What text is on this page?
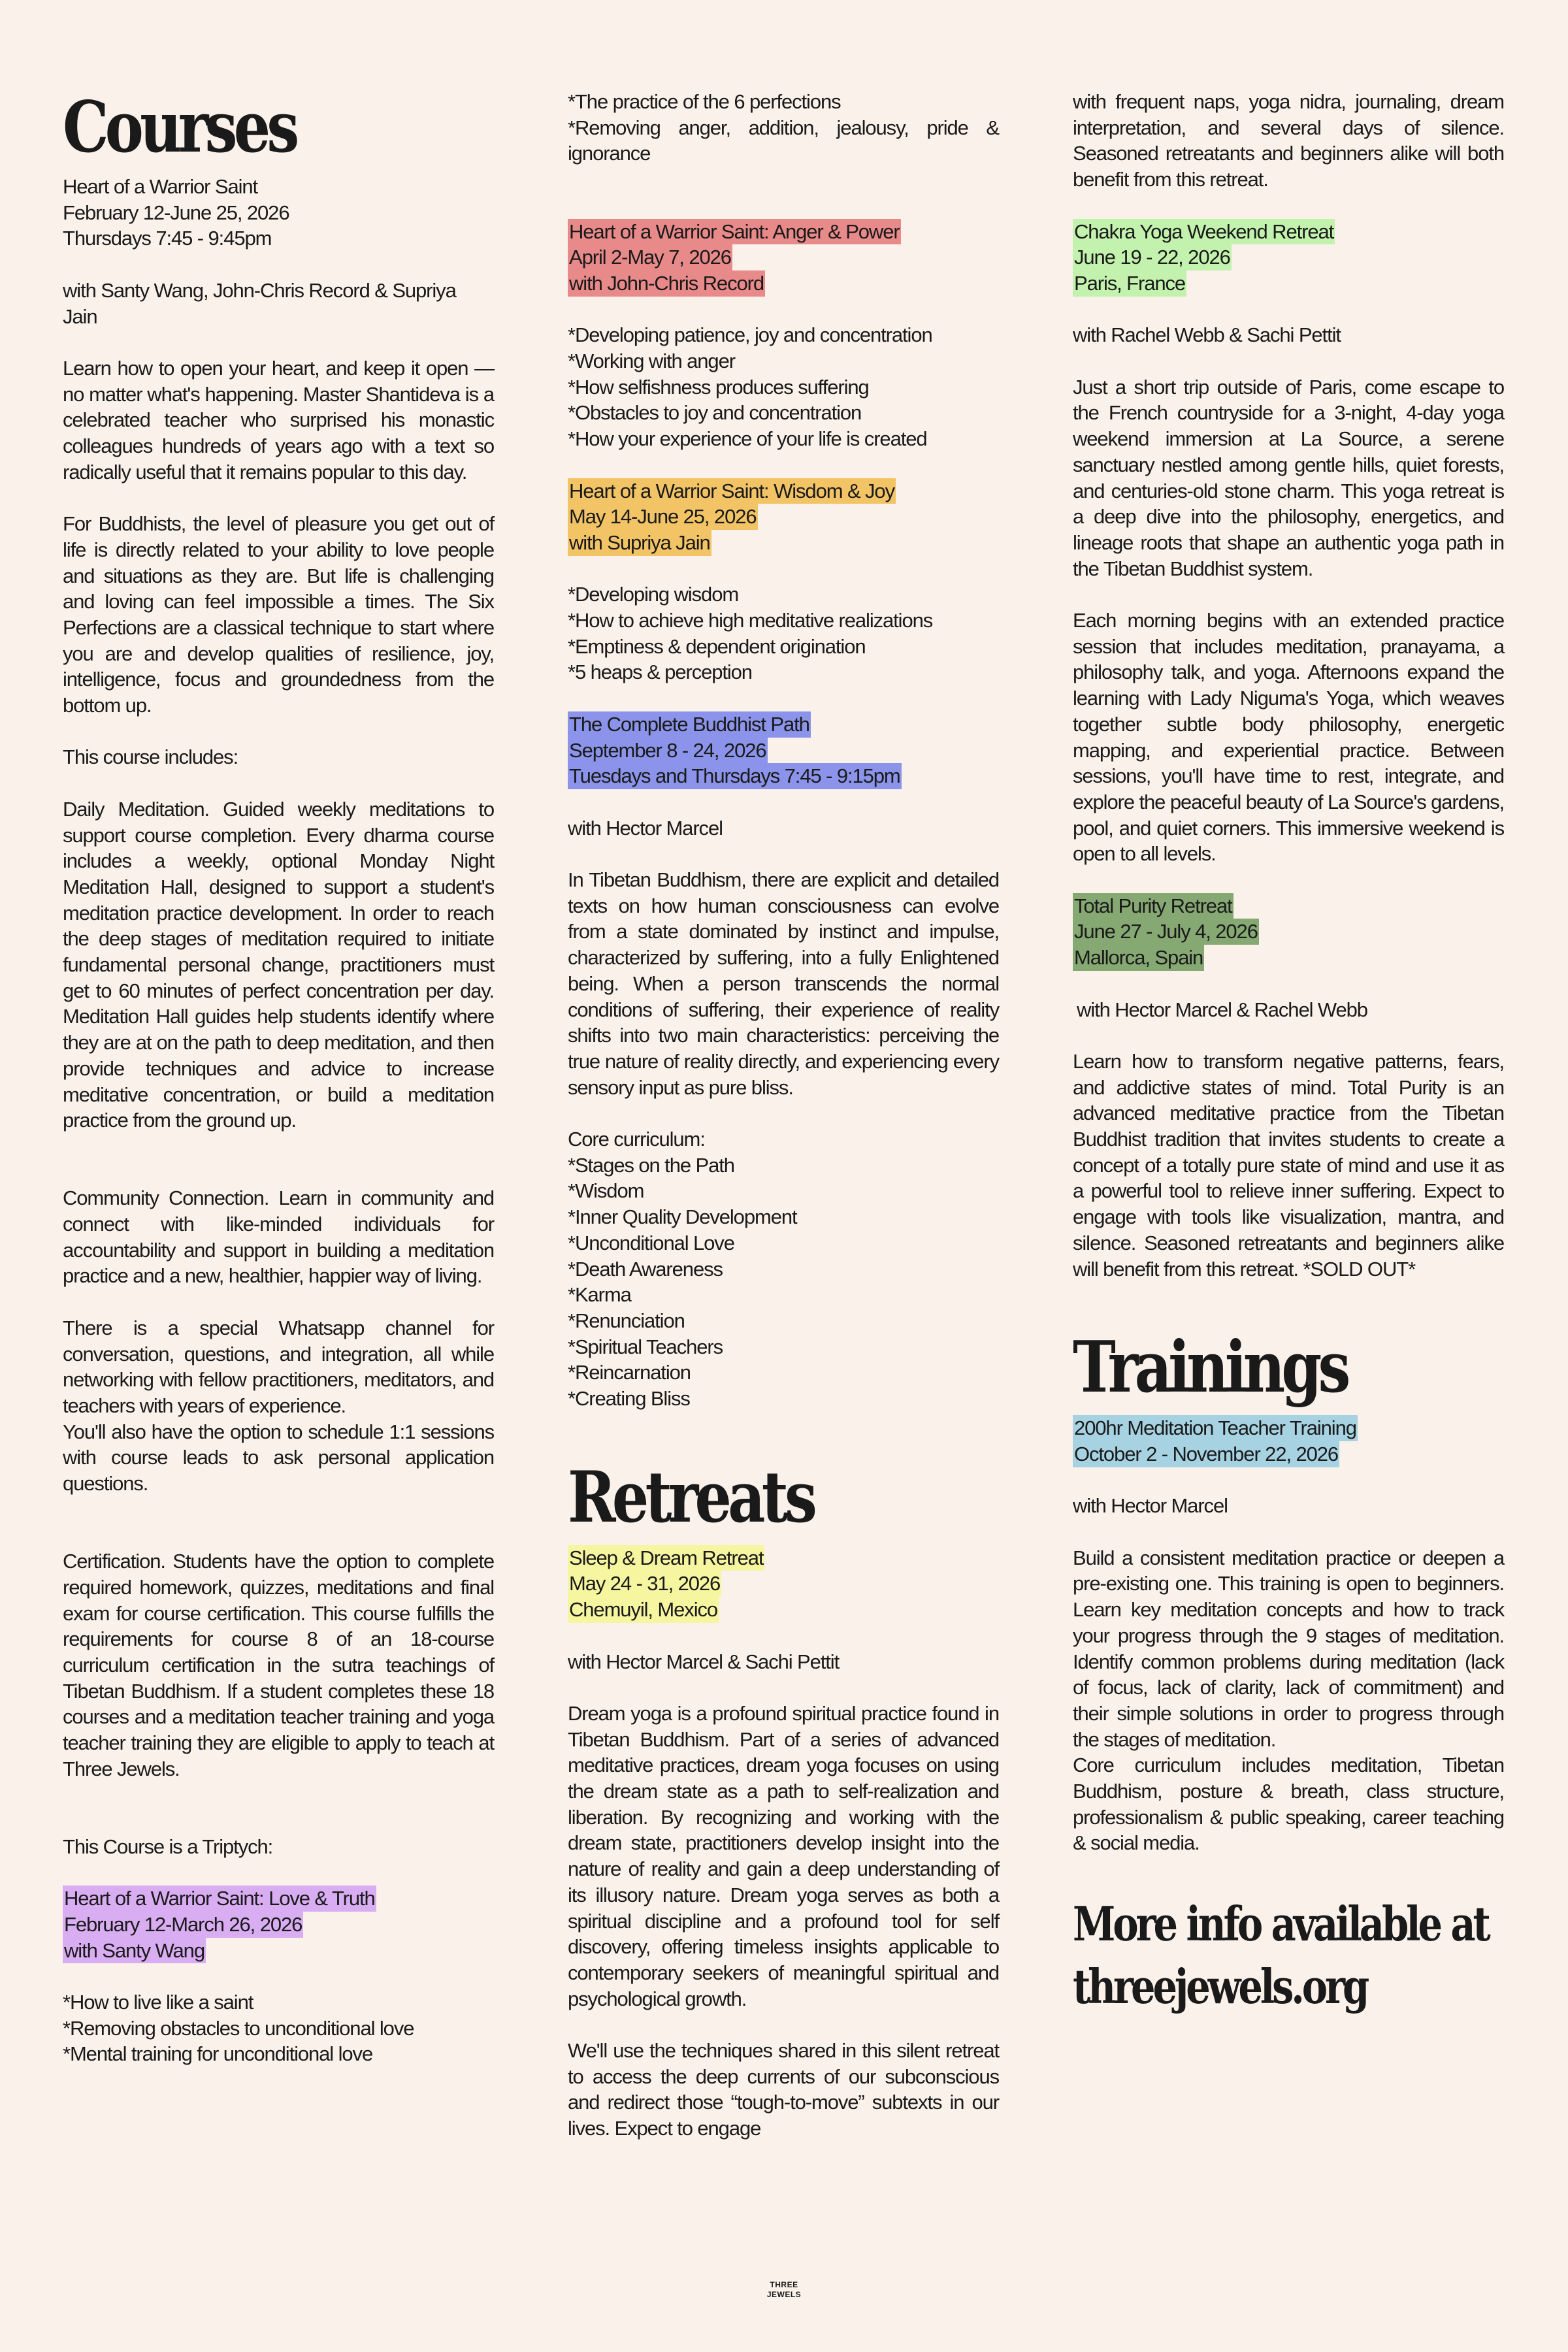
Courses

Heart of a Warrior Saint

February 12-June 25, 2026

Thursdays 7:45 - 9:45pm

with Santy Wang, John-Chris Record & Supriya Jain

Learn how to open your heart, and keep it open — no matter what's happening. Master Shantideva is a celebrated teacher who surprised his monastic colleagues hundreds of years ago with a text so radically useful that it remains popular to this day.

For Buddhists, the level of pleasure you get out of life is directly related to your ability to love people and situations as they are. But life is challenging and loving can feel impossible a times. The Six Perfections are a classical technique to start where you are and develop qualities of resilience, joy, intelligence, focus and groundedness from the bottom up.

This course includes:

Daily Meditation. Guided weekly meditations to support course completion. Every dharma course includes a weekly, optional Monday Night Meditation Hall, designed to support a student's meditation practice development. In order to reach the deep stages of meditation required to initiate fundamental personal change, practitioners must get to 60 minutes of perfect concentration per day. Meditation Hall guides help students identify where they are at on the path to deep meditation, and then provide techniques and advice to increase meditative concentration, or build a meditation practice from the ground up.

Community Connection. Learn in community and connect with like-minded individuals for accountability and support in building a meditation practice and a new, healthier, happier way of living.

There is a special Whatsapp channel for conversation, questions, and integration, all while networking with fellow practitioners, meditators, and teachers with years of experience.

You'll also have the option to schedule 1:1 sessions with course leads to ask personal application questions.

Certification. Students have the option to complete required homework, quizzes, meditations and final exam for course certification. This course fulfills the requirements for course 8 of an 18-course curriculum certification in the sutra teachings of Tibetan Buddhism. If a student completes these 18 courses and a meditation teacher training and yoga teacher training they are eligible to apply to teach at Three Jewels.

This Course is a Triptych:

Heart of a Warrior Saint: Love & Truth
February 12-March 26, 2026
with Santy Wang

*How to live like a saint

*Removing obstacles to unconditional love

*Mental training for unconditional love

*The practice of the 6 perfections

*Removing anger, addition, jealousy, pride & ignorance

Heart of a Warrior Saint: Anger & Power
April 2-May 7, 2026
with John-Chris Record

*Developing patience, joy and concentration

*Working with anger

*How selfishness produces suffering

*Obstacles to joy and concentration

*How your experience of your life is created

Heart of a Warrior Saint: Wisdom & Joy
May 14-June 25, 2026
with Supriya Jain

*Developing wisdom

*How to achieve high meditative realizations

*Emptiness & dependent origination

*5 heaps & perception

The Complete Buddhist Path
September 8 - 24, 2026
Tuesdays and Thursdays 7:45 - 9:15pm

with Hector Marcel

In Tibetan Buddhism, there are explicit and detailed texts on how human consciousness can evolve from a state dominated by instinct and impulse, characterized by suffering, into a fully Enlightened being. When a person transcends the normal conditions of suffering, their experience of reality shifts into two main characteristics: perceiving the true nature of reality directly, and experiencing every sensory input as pure bliss.

Core curriculum:

*Stages on the Path

*Wisdom

*Inner Quality Development

*Unconditional Love

*Death Awareness

*Karma

*Renunciation

*Spiritual Teachers

*Reincarnation

*Creating Bliss

Retreats
Sleep & Dream Retreat
May 24 - 31, 2026
Chemuyil, Mexico

with Hector Marcel & Sachi Pettit

Dream yoga is a profound spiritual practice found in Tibetan Buddhism. Part of a series of advanced meditative practices, dream yoga focuses on using the dream state as a path to self-realization and liberation. By recognizing and working with the dream state, practitioners develop insight into the nature of reality and gain a deep understanding of its illusory nature. Dream yoga serves as both a spiritual discipline and a profound tool for self discovery, offering timeless insights applicable to contemporary seekers of meaningful spiritual and psychological growth.

We'll use the techniques shared in this silent retreat to access the deep currents of our subconscious and redirect those “tough-to-move” subtexts in our lives. Expect to engage

with frequent naps, yoga nidra, journaling, dream interpretation, and several days of silence. Seasoned retreatants and beginners alike will both benefit from this retreat.

Chakra Yoga Weekend Retreat
June 19 - 22, 2026
Paris, France

with Rachel Webb & Sachi Pettit

Just a short trip outside of Paris, come escape to the French countryside for a 3-night, 4-day yoga weekend immersion at La Source, a serene sanctuary nestled among gentle hills, quiet forests, and centuries-old stone charm. This yoga retreat is a deep dive into the philosophy, energetics, and lineage roots that shape an authentic yoga path in the Tibetan Buddhist system.

Each morning begins with an extended practice session that includes meditation, pranayama, a philosophy talk, and yoga. Afternoons expand the learning with Lady Niguma's Yoga, which weaves together subtle body philosophy, energetic mapping, and experiential practice. Between sessions, you'll have time to rest, integrate, and explore the peaceful beauty of La Source's gardens, pool, and quiet corners. This immersive weekend is open to all levels.

Total Purity Retreat
June 27 - July 4, 2026
Mallorca, Spain

with Hector Marcel & Rachel Webb

Learn how to transform negative patterns, fears, and addictive states of mind. Total Purity is an advanced meditative practice from the Tibetan Buddhist tradition that invites students to create a concept of a totally pure state of mind and use it as a powerful tool to relieve inner suffering. Expect to engage with tools like visualization, mantra, and silence. Seasoned retreatants and beginners alike will benefit from this retreat. *SOLD OUT*

Trainings
200hr Meditation Teacher Training
October 2 - November 22, 2026

with Hector Marcel

Build a consistent meditation practice or deepen a pre-existing one. This training is open to beginners. Learn key meditation concepts and how to track your progress through the 9 stages of meditation. Identify common problems during meditation (lack of focus, lack of clarity, lack of commitment) and their simple solutions in order to progress through the stages of meditation.

Core curriculum includes meditation, Tibetan Buddhism, posture & breath, class structure, professionalism & public speaking, career teaching & social media.

More info available at
threejewels.org
THREE
JEWELS
